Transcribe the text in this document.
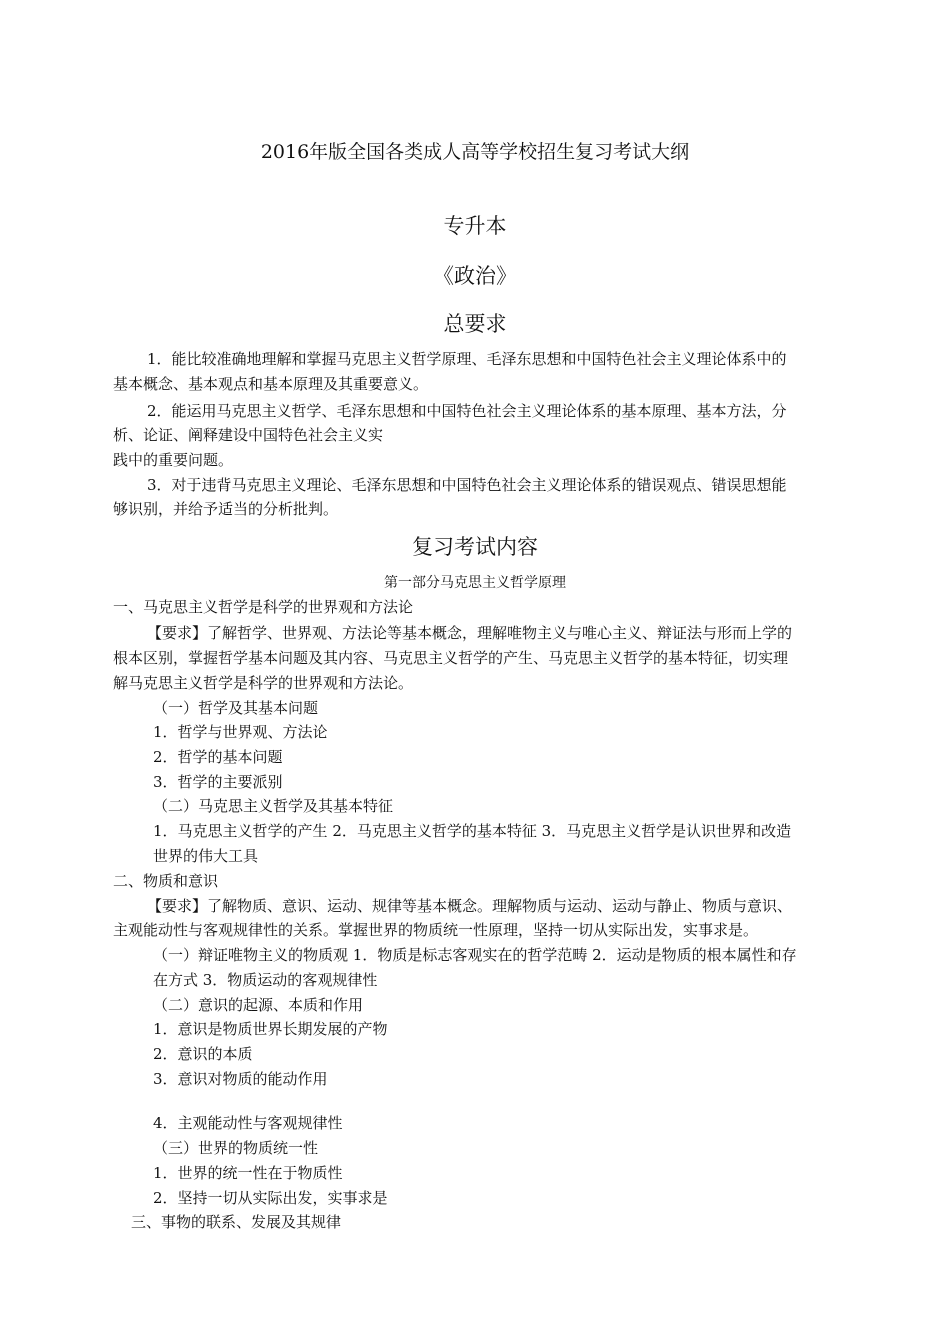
2016年版全国各类成人高等学校招生复习考试大纲
专升本
《政治》
总要求
1．能比较准确地理解和掌握马克思主义哲学原理、毛泽东思想和中国特色社会主义理论体系中的
基本概念、基本观点和基本原理及其重要意义。
2．能运用马克思主义哲学、毛泽东思想和中国特色社会主义理论体系的基本原理、基本方法，分
析、论证、阐释建设中国特色社会主义实
践中的重要问题。
3．对于违背马克思主义理论、毛泽东思想和中国特色社会主义理论体系的错误观点、错误思想能
够识别，并给予适当的分析批判。
复习考试内容
第一部分马克思主义哲学原理
一、马克思主义哲学是科学的世界观和方法论
【要求】了解哲学、世界观、方法论等基本概念，理解唯物主义与唯心主义、辩证法与形而上学的
根本区别，掌握哲学基本问题及其内容、马克思主义哲学的产生、马克思主义哲学的基本特征，切实理
解马克思主义哲学是科学的世界观和方法论。
（一）哲学及其基本问题
1．哲学与世界观、方法论
2．哲学的基本问题
3．哲学的主要派别
（二）马克思主义哲学及其基本特征
1．马克思主义哲学的产生 2．马克思主义哲学的基本特征 3．马克思主义哲学是认识世界和改造
世界的伟大工具
二、物质和意识
【要求】了解物质、意识、运动、规律等基本概念。理解物质与运动、运动与静止、物质与意识、
主观能动性与客观规律性的关系。掌握世界的物质统一性原理，坚持一切从实际出发，实事求是。
（一）辩证唯物主义的物质观 1．物质是标志客观实在的哲学范畴 2．运动是物质的根本属性和存
在方式 3．物质运动的客观规律性
（二）意识的起源、本质和作用
1．意识是物质世界长期发展的产物
2．意识的本质
3．意识对物质的能动作用
4．主观能动性与客观规律性
（三）世界的物质统一性
1．世界的统一性在于物质性
2．坚持一切从实际出发，实事求是
三、事物的联系、发展及其规律
